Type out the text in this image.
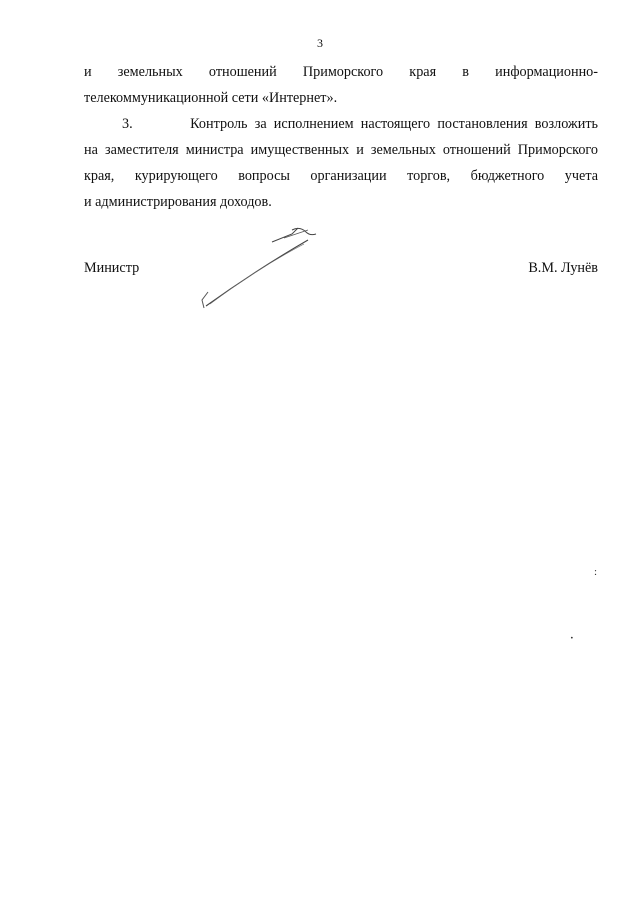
3
и земельных отношений Приморского края в информационно-
телекоммуникационной сети «Интернет».
3.	Контроль за исполнением настоящего постановления возложить
на заместителя министра имущественных и земельных отношений Приморского
края, курирующего вопросы организации торгов, бюджетного учета
и администрирования доходов.
Министр	В.М. Лунёв
:
·
